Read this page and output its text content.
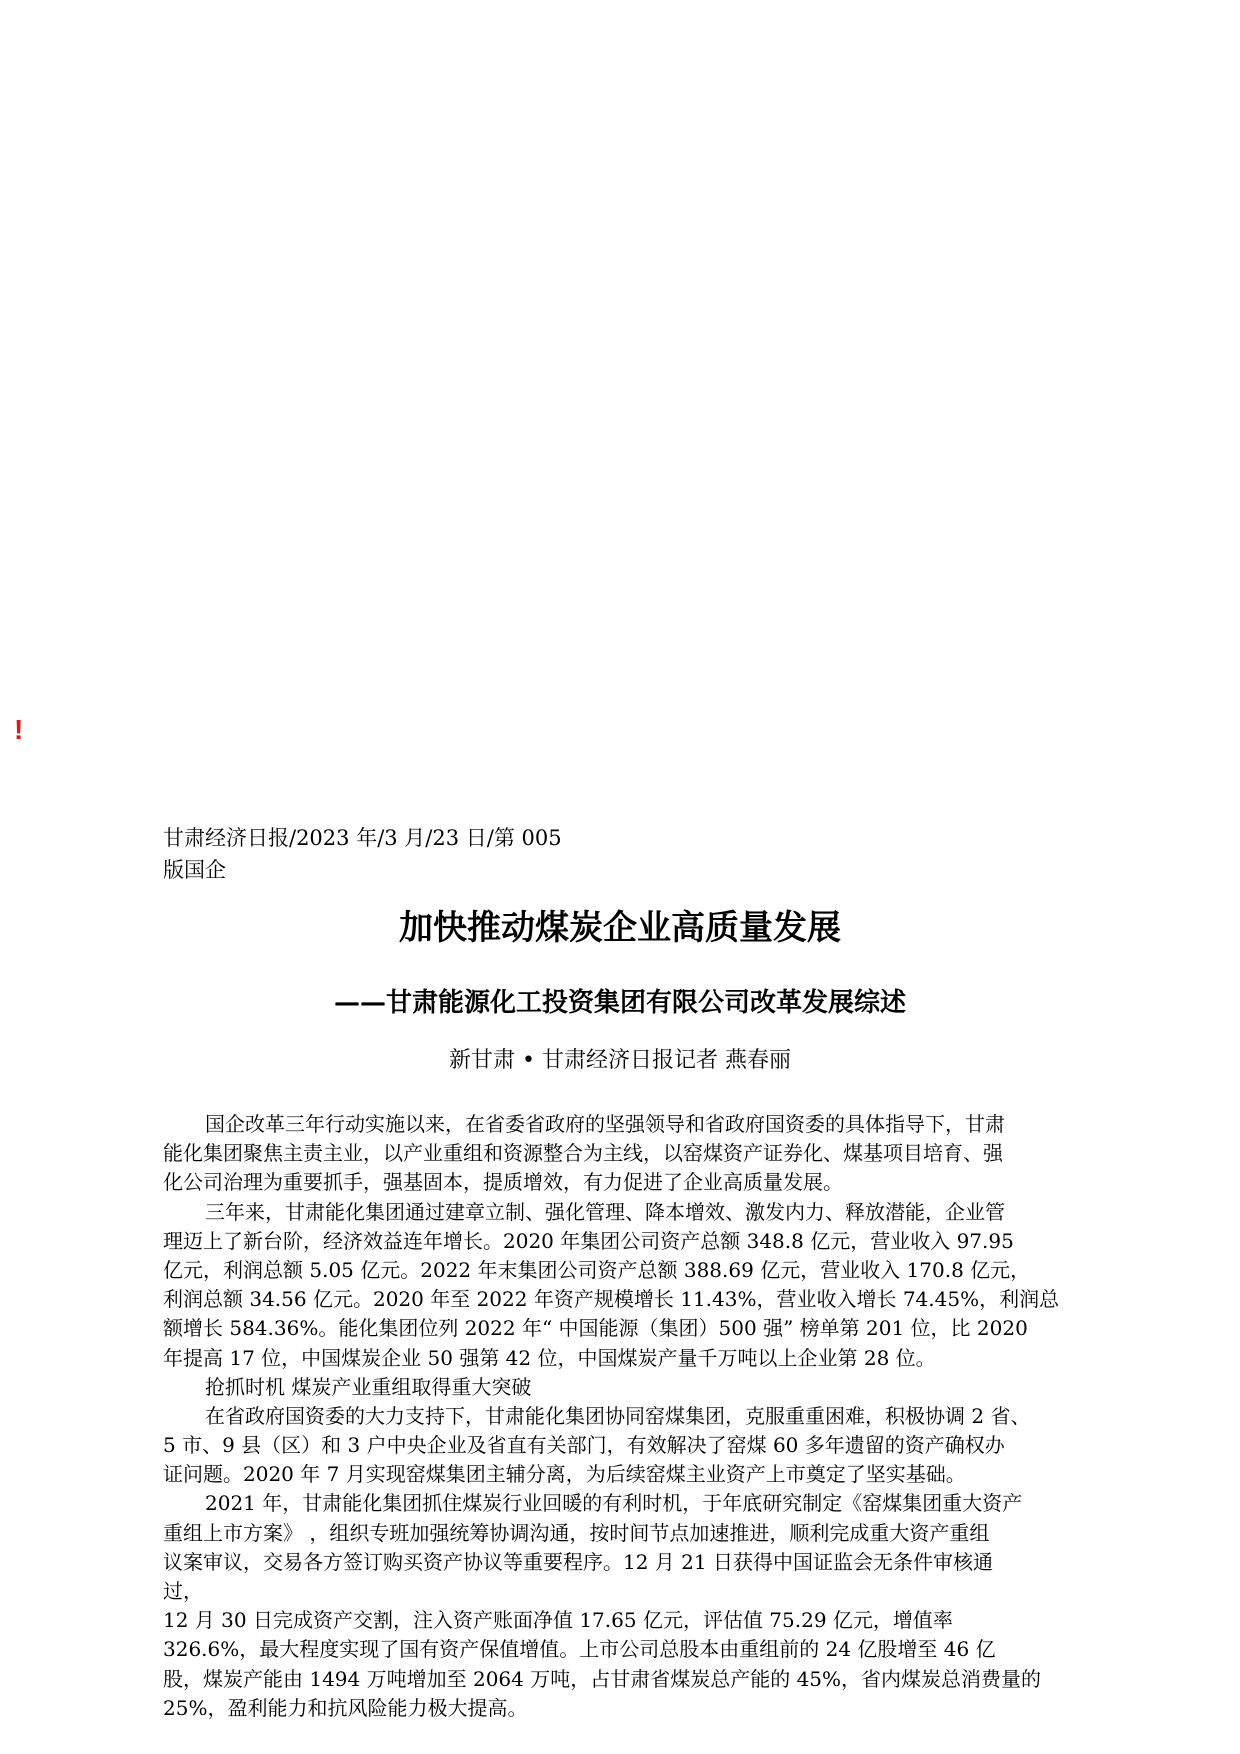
!
甘肃经济日报/2023 年/3 月/23 日/第 005
版国企
加快推动煤炭企业高质量发展
——甘肃能源化工投资集团有限公司改革发展综述
新甘肃 • 甘肃经济日报记者 燕春丽
国企改革三年行动实施以来，在省委省政府的坚强领导和省政府国资委的具体指导下，甘肃
能化集团聚焦主责主业，以产业重组和资源整合为主线，以窑煤资产证券化、煤基项目培育、强
化公司治理为重要抓手，强基固本，提质增效，有力促进了企业高质量发展。
三年来，甘肃能化集团通过建章立制、强化管理、降本增效、激发内力、释放潜能，企业管
理迈上了新台阶，经济效益连年增长。2020 年集团公司资产总额 348.8 亿元，营业收入 97.95
亿元，利润总额 5.05 亿元。2022 年末集团公司资产总额 388.69 亿元，营业收入 170.8 亿元，
利润总额 34.56 亿元。2020 年至 2022 年资产规模增长 11.43%，营业收入增长 74.45%，利润总
额增长 584.36%。能化集团位列 2022 年“ 中国能源（集团）500 强” 榜单第 201 位，比 2020
年提高 17 位，中国煤炭企业 50 强第 42 位，中国煤炭产量千万吨以上企业第 28 位。
抢抓时机 煤炭产业重组取得重大突破
在省政府国资委的大力支持下，甘肃能化集团协同窑煤集团，克服重重困难，积极协调 2 省、
5 市、9 县（区）和 3 户中央企业及省直有关部门，有效解决了窑煤 60 多年遗留的资产确权办
证问题。2020 年 7 月实现窑煤集团主辅分离，为后续窑煤主业资产上市奠定了坚实基础。
2021 年，甘肃能化集团抓住煤炭行业回暖的有利时机，于年底研究制定《窑煤集团重大资产
重组上市方案》 ，组织专班加强统筹协调沟通，按时间节点加速推进，顺利完成重大资产重组
议案审议，交易各方签订购买资产协议等重要程序。12 月 21 日获得中国证监会无条件审核通
过，
12 月 30 日完成资产交割，注入资产账面净值 17.65 亿元，评估值 75.29 亿元，增值率
326.6%，最大程度实现了国有资产保值增值。上市公司总股本由重组前的 24 亿股增至 46 亿
股，煤炭产能由 1494 万吨增加至 2064 万吨，占甘肃省煤炭总产能的 45%，省内煤炭总消费量的
25%，盈利能力和抗风险能力极大提高。
